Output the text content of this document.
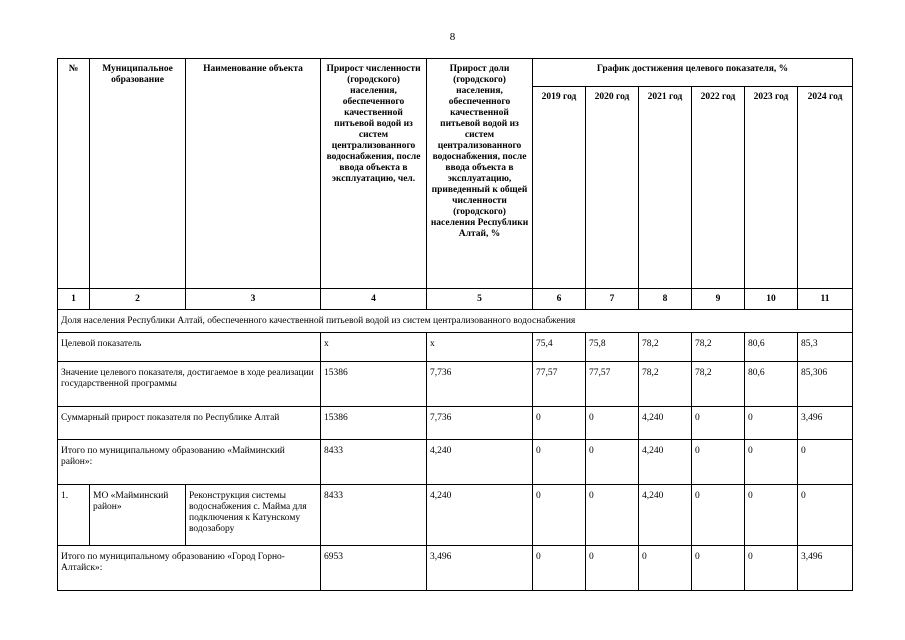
8
№	Муниципальное образование	Наименование объекта	Прирост численности (городского) населения, обеспеченного качественной питьевой водой из систем централизованного водоснабжения, после ввода объекта в эксплуатацию, чел.	Прирост доли (городского) населения, обеспеченного качественной питьевой водой из систем централизованного водоснабжения, после ввода объекта в эксплуатацию, приведенный к общей численности (городского) населения Республики Алтай, %	График достижения целевого показателя, %					
					2019 год	2020 год	2021 год	2022 год	2023 год	2024 год
1	2	3	4	5	6	7	8	9	10	11
Доля населения Республики Алтай, обеспеченного качественной питьевой водой из систем централизованного водоснабжения										
Целевой показатель			х	х	75,4	75,8	78,2	78,2	80,6	85,3
Значение целевого показателя, достигаемое в ходе реализации государственной программы			15386	7,736	77,57	77,57	78,2	78,2	80,6	85,306
Суммарный прирост показателя по Республике Алтай			15386	7,736	0	0	4,240	0	0	3,496
Итого по муниципальному образованию «Майминский район»:			8433	4,240	0	0	4,240	0	0	0
1.	МО «Майминский район»	Реконструкция системы водоснабжения с. Майма для подключения к Катунскому водозабору	8433	4,240	0	0	4,240	0	0	0
Итого по муниципальному образованию «Город Горно-Алтайск»:			6953	3,496	0	0	0	0	0	3,496
